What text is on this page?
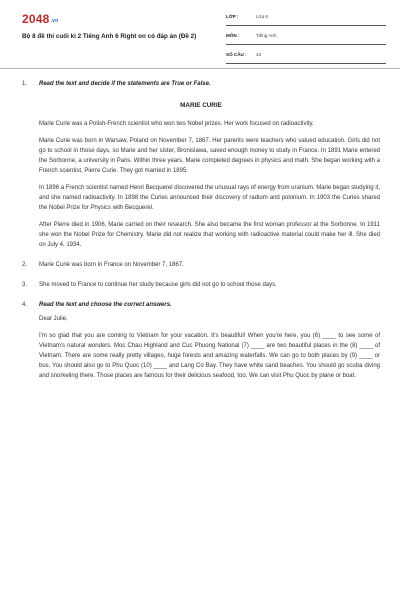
2048.vn
Bộ 8 đề thi cuối kì 2 Tiếng Anh 6 Right on có đáp án (Đề 2)
LỚP :	Lớp 6
MÔN :	Tiếng Anh
SỐ CÂU : 43
1. Read the text and decide if the statements are True or False.
MARIE CURIE

Marie Curie was a Polish-French scientist who won two Nobel prizes. Her work focused on radioactivity.

Marie Curie was born in Warsaw, Poland on November 7, 1867. Her parents were teachers who valued education. Girls did not go to school in those days, so Marie and her sister, Bronislawa, saved enough money to study in France. In 1891 Marie entered the Sorbonne, a university in Paris. Within three years, Marie completed degrees in physics and math. She began working with a French scientist, Pierre Curie. They got married in 1895.

In 1896 a French scientist named Henri Becquerel discovered the unusual rays of energy from uranium. Marie began studying it, and she named radioactivity. In 1898 the Curies announced their discovery of radium and polonium. In 1903 the Curies shared the Nobel Prize for Physics with Becquerel.

After Pierre died in 1906, Marie carried on their research. She also became the first woman professor at the Sorbonne. In 1911 she won the Nobel Prize for Chemistry. Marie did not realize that working with radioactive material could make her ill. She died on July 4, 1934.

2. Marie Curie was born in France on November 7, 1867.
3. She moved to France to continue her study because girls did not go to school those days.
4. Read the text and choose the correct answers.

Dear Julie,

I'm so glad that you are coming to Vietnam for your vacation. It's beautiful! When you're here, you (6) ____ to see some of Vietnam's natural wonders. Moc Chau Highland and Cuc Phuong National (7) ____ are two beautiful places in the (8) ____ of Vietnam. There are some really pretty villages, huge forests and amazing waterfalls. We can go to both places by (9) ____ or bus. You should also go to Phu Quoc (10) ____ and Lang Co Bay. They have white sand beaches. You should go scuba diving and snorkeling there. Those places are famous for their delicious seafood, too. We can visit Phu Quoc by plane or boat.
